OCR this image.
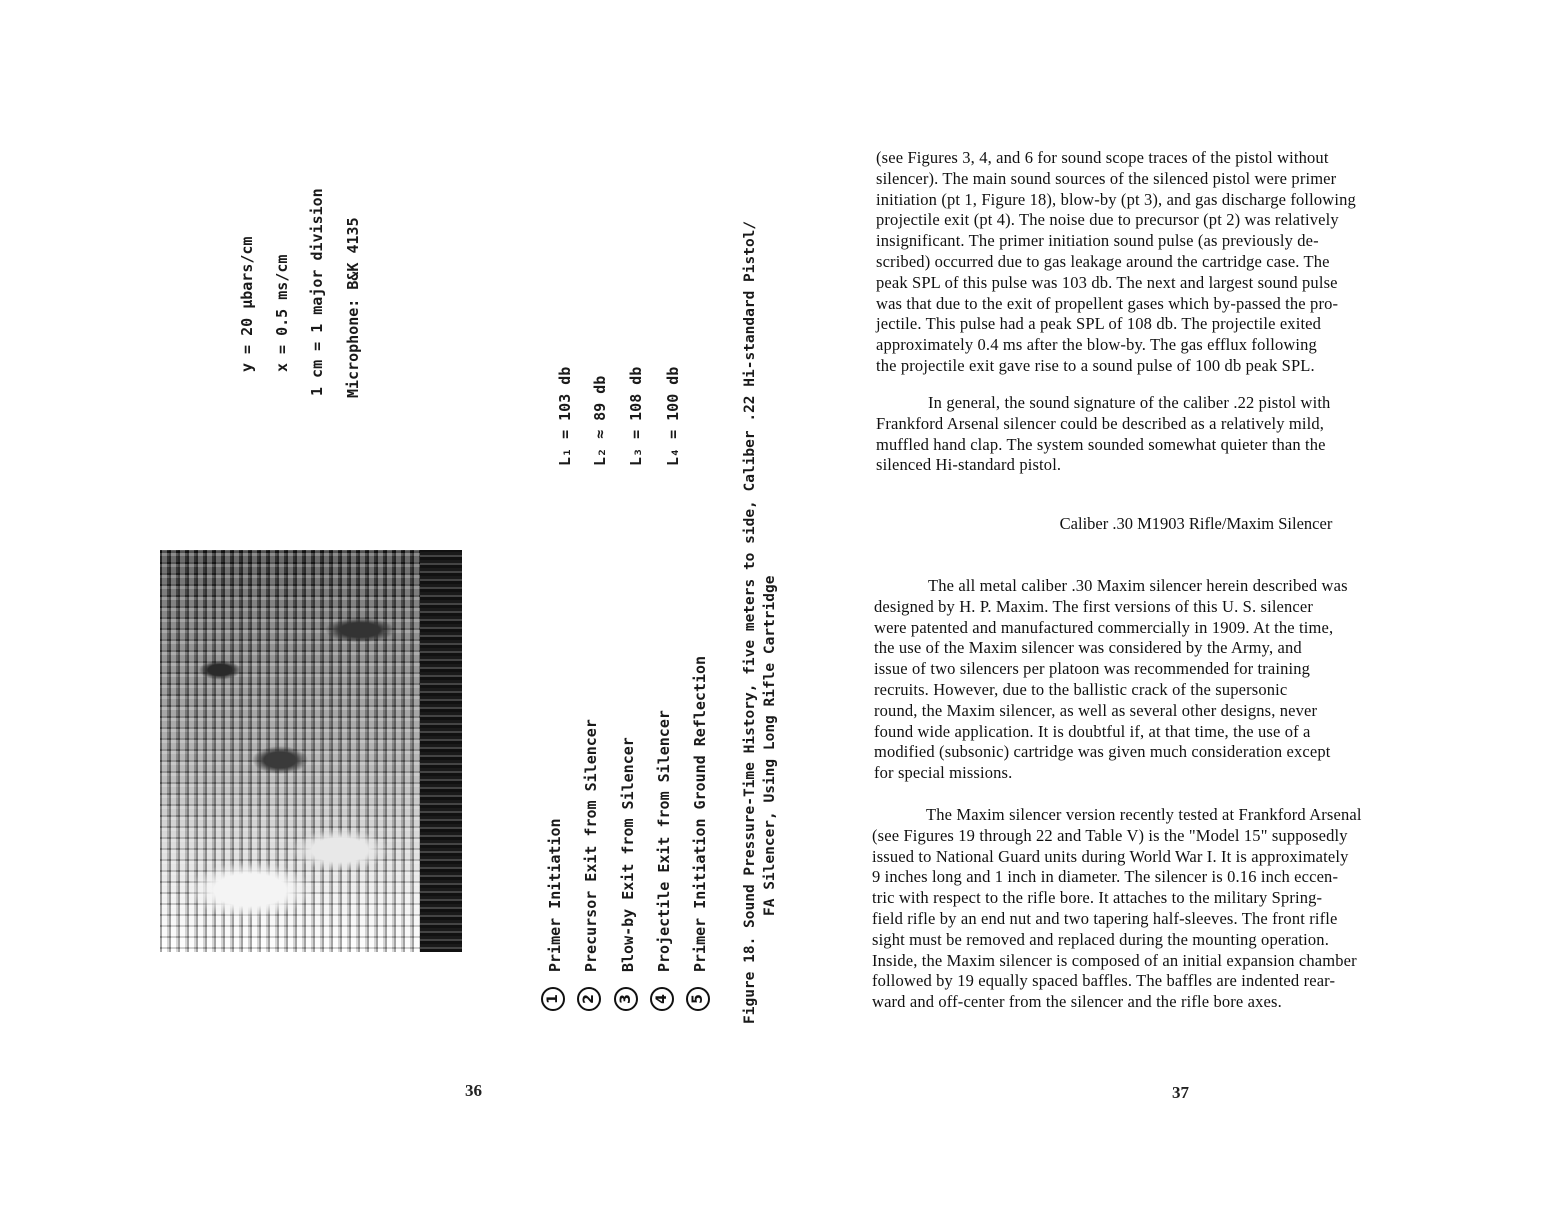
y = 20 μbars/cm x = 0.5 ms/cm 1 cm = 1 major division Microphone: B&K 4135
L₁ = 103 db L₂ ≈ 89 db L₃ = 108 db L₄ = 100 db
1
Primer Initiation
2
Precursor Exit from Silencer
3
Blow-by Exit from Silencer
4
Projectile Exit from Silencer
5
Primer Initiation Ground Reflection Figure 18. Sound Pressure-Time History, five meters to side, Caliber .22 Hi-standard Pistol/ FA Silencer, Using Long Rifle Cartridge
36
(see Figures 3, 4, and 6 for sound scope traces of the pistol without
silencer). The main sound sources of the silenced pistol were primer
initiation (pt 1, Figure 18), blow-by (pt 3), and gas discharge following
projectile exit (pt 4). The noise due to precursor (pt 2) was relatively
insignificant. The primer initiation sound pulse (as previously de-
scribed) occurred due to gas leakage around the cartridge case. The
peak SPL of this pulse was 103 db. The next and largest sound pulse
was that due to the exit of propellent gases which by-passed the pro-
jectile. This pulse had a peak SPL of 108 db. The projectile exited
approximately 0.4 ms after the blow-by. The gas efflux following
the projectile exit gave rise to a sound pulse of 100 db peak SPL.
In general, the sound signature of the caliber .22 pistol with
Frankford Arsenal silencer could be described as a relatively mild,
muffled hand clap. The system sounded somewhat quieter than the
silenced Hi-standard pistol.
Caliber .30 M1903 Rifle/Maxim Silencer
The all metal caliber .30 Maxim silencer herein described was
designed by H. P. Maxim. The first versions of this U. S. silencer
were patented and manufactured commercially in 1909. At the time,
the use of the Maxim silencer was considered by the Army, and
issue of two silencers per platoon was recommended for training
recruits. However, due to the ballistic crack of the supersonic
round, the Maxim silencer, as well as several other designs, never
found wide application. It is doubtful if, at that time, the use of a
modified (subsonic) cartridge was given much consideration except
for special missions.
The Maxim silencer version recently tested at Frankford Arsenal
(see Figures 19 through 22 and Table V) is the "Model 15" supposedly
issued to National Guard units during World War I. It is approximately
9 inches long and 1 inch in diameter. The silencer is 0.16 inch eccen-
tric with respect to the rifle bore. It attaches to the military Spring-
field rifle by an end nut and two tapering half-sleeves. The front rifle
sight must be removed and replaced during the mounting operation.
Inside, the Maxim silencer is composed of an initial expansion chamber
followed by 19 equally spaced baffles. The baffles are indented rear-
ward and off-center from the silencer and the rifle bore axes.
37
